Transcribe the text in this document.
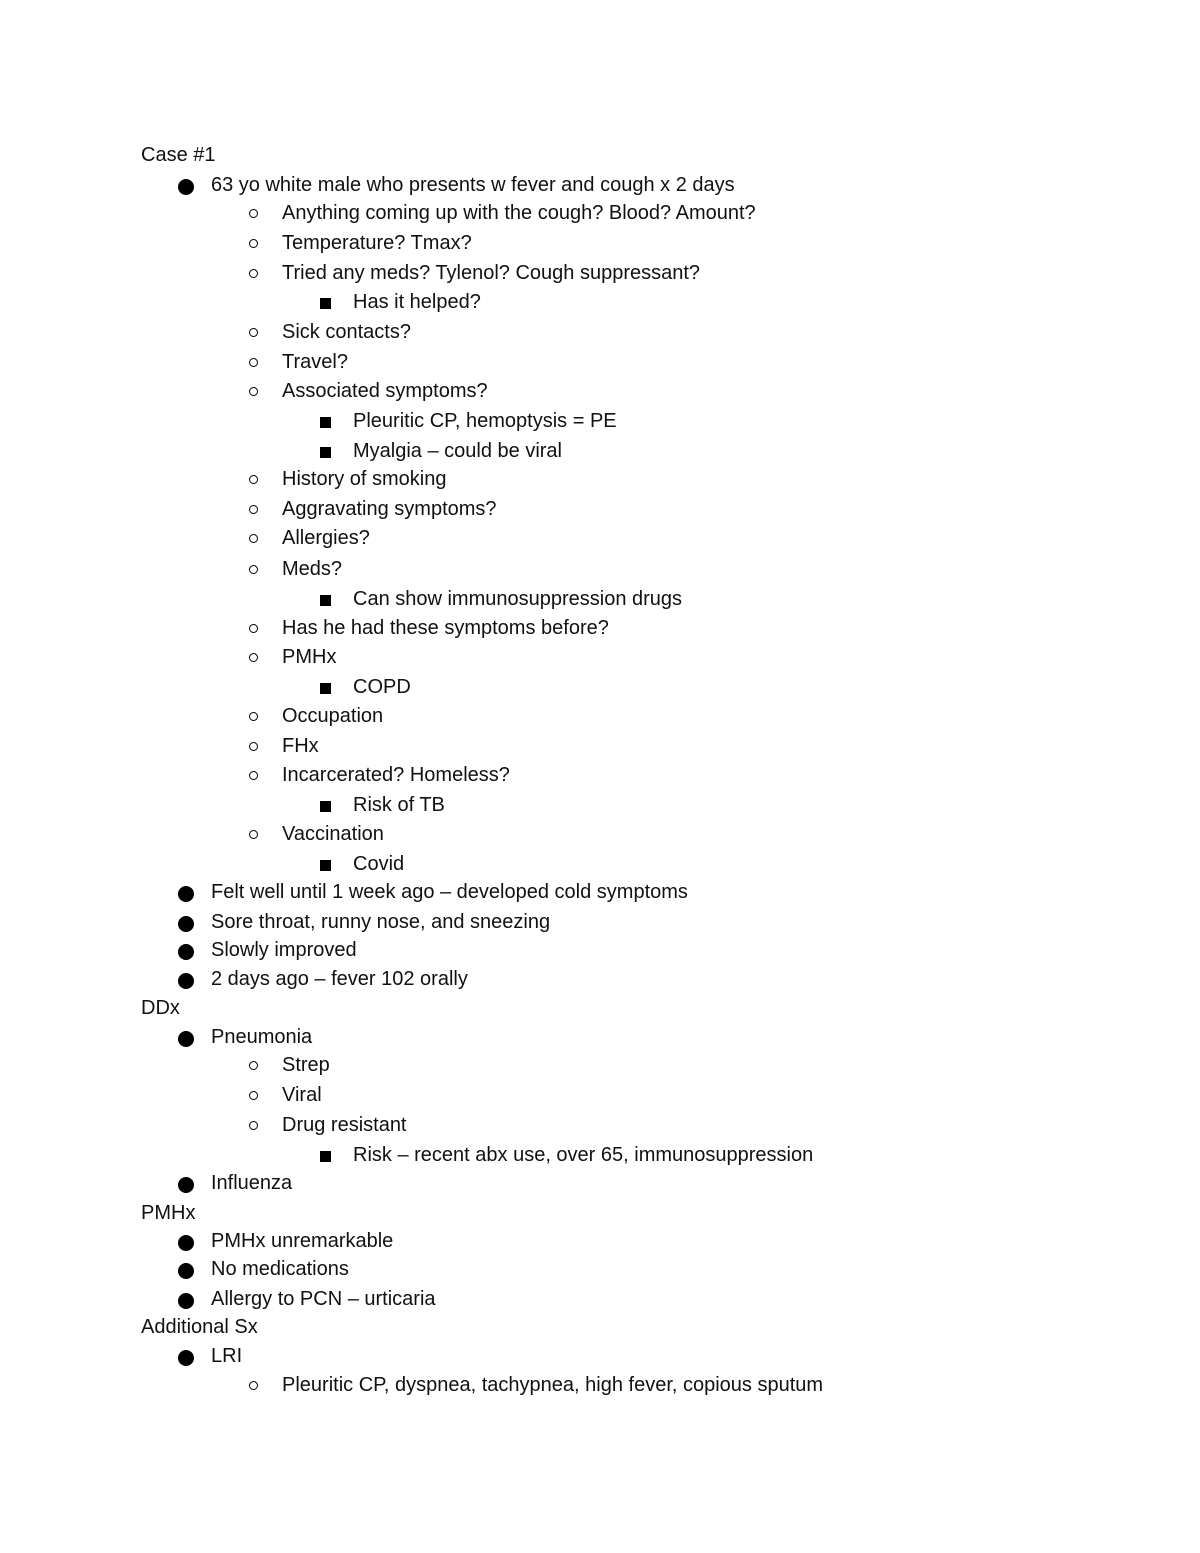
Case #1
63 yo white male who presents w fever and cough x 2 days
Anything coming up with the cough? Blood? Amount?
Temperature? Tmax?
Tried any meds? Tylenol? Cough suppressant?
Has it helped?
Sick contacts?
Travel?
Associated symptoms?
Pleuritic CP, hemoptysis = PE
Myalgia – could be viral
History of smoking
Aggravating symptoms?
Allergies?
Meds?
Can show immunosuppression drugs
Has he had these symptoms before?
PMHx
COPD
Occupation
FHx
Incarcerated? Homeless?
Risk of TB
Vaccination
Covid
Felt well until 1 week ago – developed cold symptoms
Sore throat, runny nose, and sneezing
Slowly improved
2 days ago – fever 102 orally
DDx
Pneumonia
Strep
Viral
Drug resistant
Risk – recent abx use, over 65, immunosuppression
Influenza
PMHx
PMHx unremarkable
No medications
Allergy to PCN – urticaria
Additional Sx
LRI
Pleuritic CP, dyspnea, tachypnea, high fever, copious sputum
